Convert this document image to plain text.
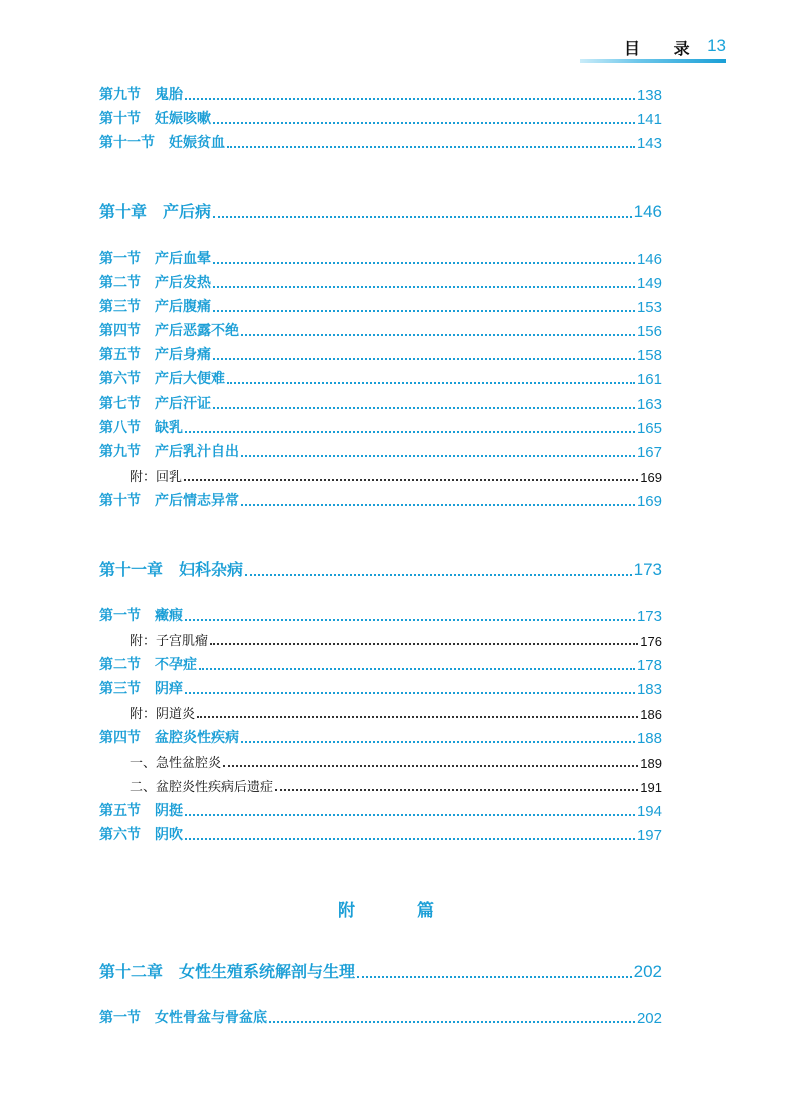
目 录 13
第九节 鬼胎	138
第十节 妊娠咳嗽	141
第十一节 妊娠贫血	143
第十章 产后病	146
第一节 产后血晕	146
第二节 产后发热	149
第三节 产后腹痛	153
第四节 产后恶露不绝	156
第五节 产后身痛	158
第六节 产后大便难	161
第七节 产后汗证	163
第八节 缺乳	165
第九节 产后乳汁自出	167
附：回乳	169
第十节 产后情志异常	169
第十一章 妇科杂病	173
第一节 癥瘕	173
附：子宫肌瘤	176
第二节 不孕症	178
第三节 阴痒	183
附：阴道炎	186
第四节 盆腔炎性疾病	188
一、急性盆腔炎	189
二、盆腔炎性疾病后遗症	191
第五节 阴挺	194
第六节 阴吹	197
附 篇
第十二章 女性生殖系统解剖与生理	202
第一节 女性骨盆与骨盆底	202
